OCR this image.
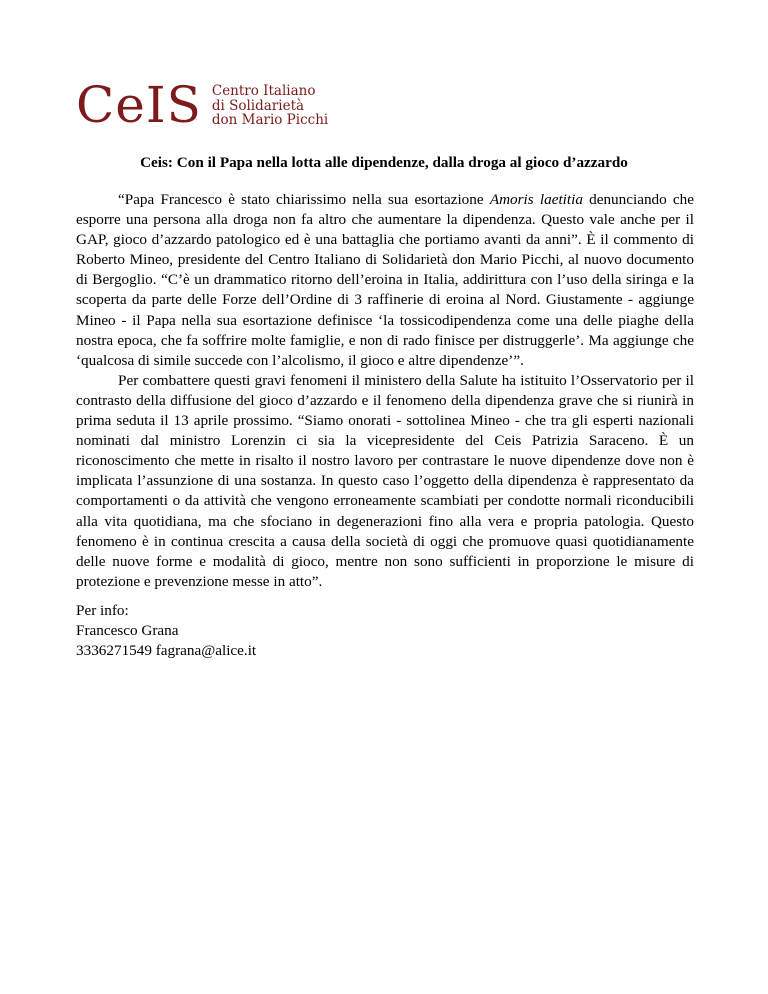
CeIS Centro Italiano
di Solidarietà
don Mario Picchi
Ceis: Con il Papa nella lotta alle dipendenze, dalla droga al gioco d’azzardo

“Papa Francesco è stato chiarissimo nella sua esortazione Amoris laetitia denunciando che esporre una persona alla droga non fa altro che aumentare la dipendenza. Questo vale anche per il GAP, gioco d’azzardo patologico ed è una battaglia che portiamo avanti da anni”. È il commento di Roberto Mineo, presidente del Centro Italiano di Solidarietà don Mario Picchi, al nuovo documento di Bergoglio. “C’è un drammatico ritorno dell’eroina in Italia, addirittura con l’uso della siringa e la scoperta da parte delle Forze dell’Ordine di 3 raffinerie di eroina al Nord. Giustamente - aggiunge Mineo - il Papa nella sua esortazione definisce ‘la tossicodipendenza come una delle piaghe della nostra epoca, che fa soffrire molte famiglie, e non di rado finisce per distruggerle’. Ma aggiunge che ‘qualcosa di simile succede con l’alcolismo, il gioco e altre dipendenze’”.

Per combattere questi gravi fenomeni il ministero della Salute ha istituito l’Osservatorio per il contrasto della diffusione del gioco d’azzardo e il fenomeno della dipendenza grave che si riunirà in prima seduta il 13 aprile prossimo. “Siamo onorati - sottolinea Mineo - che tra gli esperti nazionali nominati dal ministro Lorenzin ci sia la vicepresidente del Ceis Patrizia Saraceno. È un riconoscimento che mette in risalto il nostro lavoro per contrastare le nuove dipendenze dove non è implicata l’assunzione di una sostanza. In questo caso l’oggetto della dipendenza è rappresentato da comportamenti o da attività che vengono erroneamente scambiati per condotte normali riconducibili alla vita quotidiana, ma che sfociano in degenerazioni fino alla vera e propria patologia. Questo fenomeno è in continua crescita a causa della società di oggi che promuove quasi quotidianamente delle nuove forme e modalità di gioco, mentre non sono sufficienti in proporzione le misure di protezione e prevenzione messe in atto”.

Per info:
Francesco Grana
3336271549 fagrana@alice.it
